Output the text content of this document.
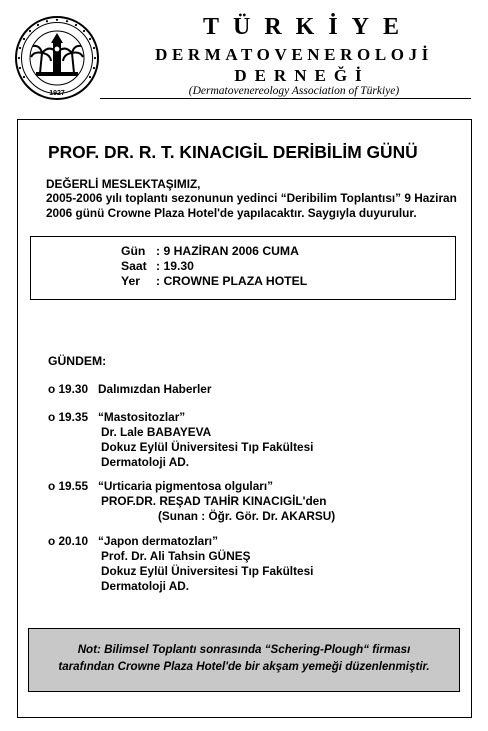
1927
TÜRKİYE
DERMATOVENEROLOJİ
DERNEĞİ
(Dermatovenereology Association of Türkiye)
PROF. DR. R. T. KINACIGİL DERİBİLİM GÜNÜ
DEĞERLİ MESLEKTAŞIMIZ,
2005-2006 yılı toplantı sezonunun yedinci “Deribilim Toplantısı” 9 Haziran 2006 günü Crowne Plaza Hotel'de yapılacaktır. Saygıyla duyurulur.
Gün : 9 HAZİRAN 2006 CUMA
Saat : 19.30
Yer : CROWNE PLAZA HOTEL
GÜNDEM:
o 19.30 Dalımızdan Haberler
o 19.35 “Mastositozlar”
Dr. Lale BABAYEVA
Dokuz Eylül Üniversitesi Tıp Fakültesi
Dermatoloji AD.
o 19.55 “Urticaria pigmentosa olguları”
PROF.DR. REŞAD TAHİR KINACIGİL'den
(Sunan : Öğr. Gör. Dr. AKARSU)
o 20.10 “Japon dermatozları”
Prof. Dr. Ali Tahsin GÜNEŞ
Dokuz Eylül Üniversitesi Tıp Fakültesi
Dermatoloji AD.
Not: Bilimsel Toplantı sonrasında “Schering-Plough“ firması
tarafından Crowne Plaza Hotel'de bir akşam yemeği düzenlenmiştir.
